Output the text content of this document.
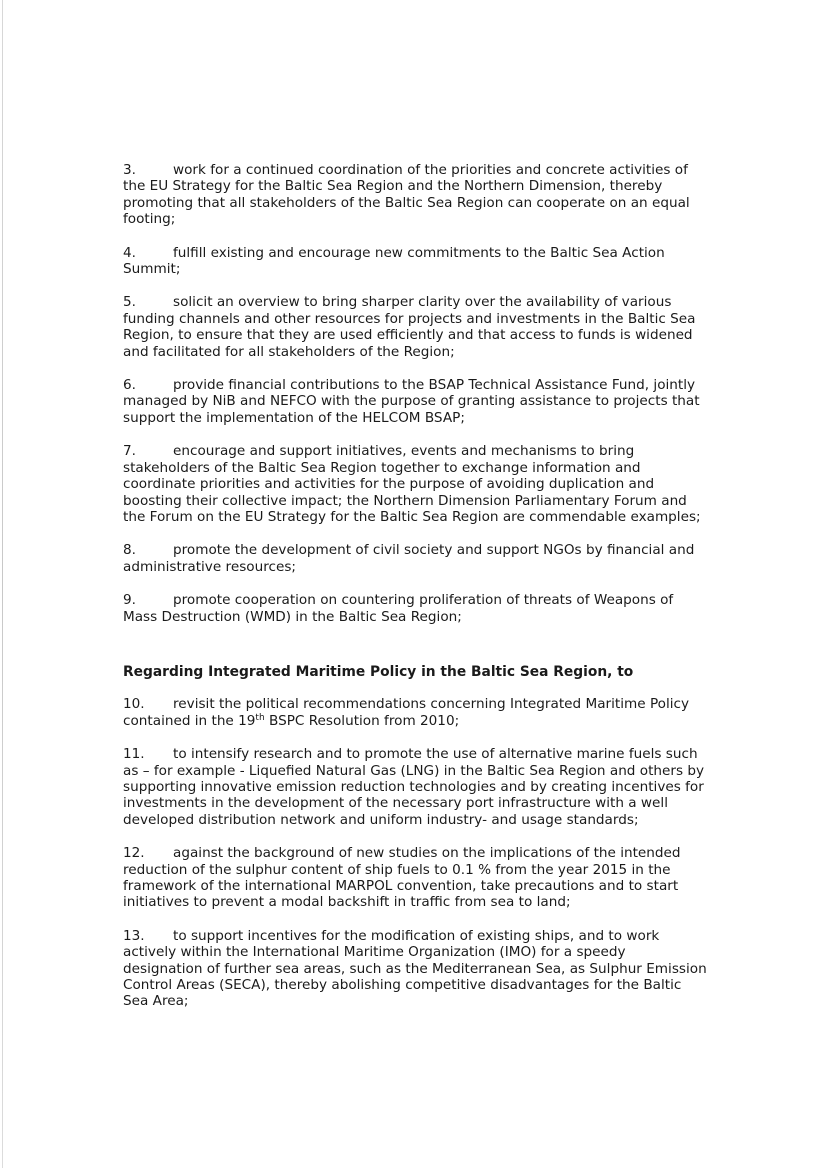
3.	work for a continued coordination of the priorities and concrete activities of the EU Strategy for the Baltic Sea Region and the Northern Dimension, thereby promoting that all stakeholders of the Baltic Sea Region can cooperate on an equal footing;

4.	fulfill existing and encourage new commitments to the Baltic Sea Action Summit;

5.	solicit an overview to bring sharper clarity over the availability of various funding channels and other resources for projects and investments in the Baltic Sea Region, to ensure that they are used efficiently and that access to funds is widened and facilitated for all stakeholders of the Region;

6.	provide financial contributions to the BSAP Technical Assistance Fund, jointly managed by NiB and NEFCO with the purpose of granting assistance to projects that support the implementation of the HELCOM BSAP;

7.	encourage and support initiatives, events and mechanisms to bring stakeholders of the Baltic Sea Region together to exchange information and coordinate priorities and activities for the purpose of avoiding duplication and boosting their collective impact; the Northern Dimension Parliamentary Forum and the Forum on the EU Strategy for the Baltic Sea Region are commendable examples;

8.	promote the development of civil society and support NGOs by financial and administrative resources;

9.	promote cooperation on countering proliferation of threats of Weapons of Mass Destruction (WMD) in the Baltic Sea Region;

Regarding Integrated Maritime Policy in the Baltic Sea Region, to

10. revisit the political recommendations concerning Integrated Maritime Policy contained in the 19th BSPC Resolution from 2010;

11. to intensify research and to promote the use of alternative marine fuels such as – for example - Liquefied Natural Gas (LNG) in the Baltic Sea Region and others by supporting innovative emission reduction technologies and by creating incentives for investments in the development of the necessary port infrastructure with a well developed distribution network and uniform industry- and usage standards;

12. against the background of new studies on the implications of the intended reduction of the sulphur content of ship fuels to 0.1 % from the year 2015 in the framework of the international MARPOL convention, take precautions and to start initiatives to prevent a modal backshift in traffic from sea to land;

13. to support incentives for the modification of existing ships, and to work actively within the International Maritime Organization (IMO) for a speedy designation of further sea areas, such as the Mediterranean Sea, as Sulphur Emission Control Areas (SECA), thereby abolishing competitive disadvantages for the Baltic Sea Area;
